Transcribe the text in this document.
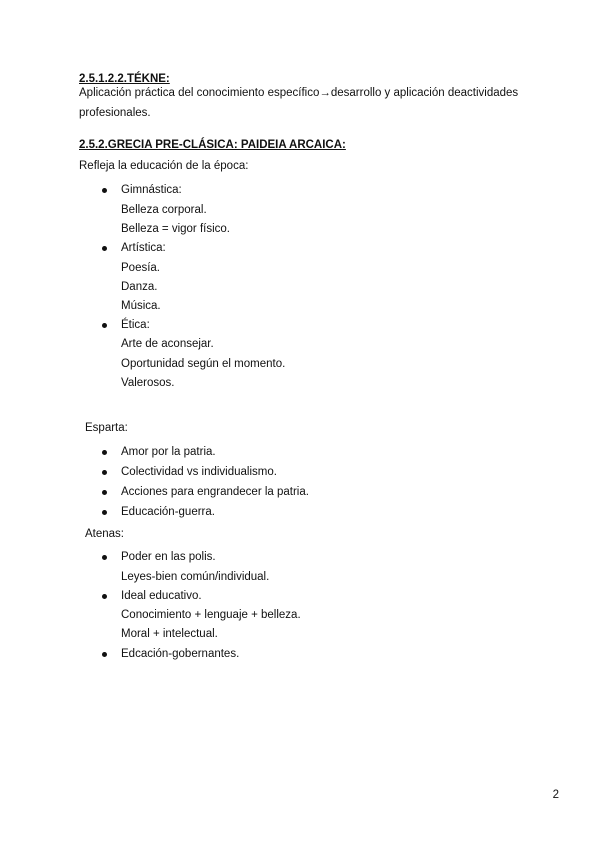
2.5.1.2.2.TÉKNE:
Aplicación práctica del conocimiento específico→desarrollo y aplicación deactividades
profesionales.
2.5.2.GRECIA PRE-CLÁSICA: PAIDEIA ARCAICA:
Refleja la educación de la época:
Gimnástica:
Belleza corporal.
Belleza = vigor físico.
Artística:
Poesía.
Danza.
Música.
Ética:
Arte de aconsejar.
Oportunidad según el momento.
Valerosos.
Esparta:
Amor por la patria.
Colectividad vs individualismo.
Acciones para engrandecer la patria.
Educación-guerra.
Atenas:
Poder en las polis.
Leyes-bien común/individual.
Ideal educativo.
Conocimiento + lenguaje + belleza.
Moral + intelectual.
Edcación-gobernantes.
2
